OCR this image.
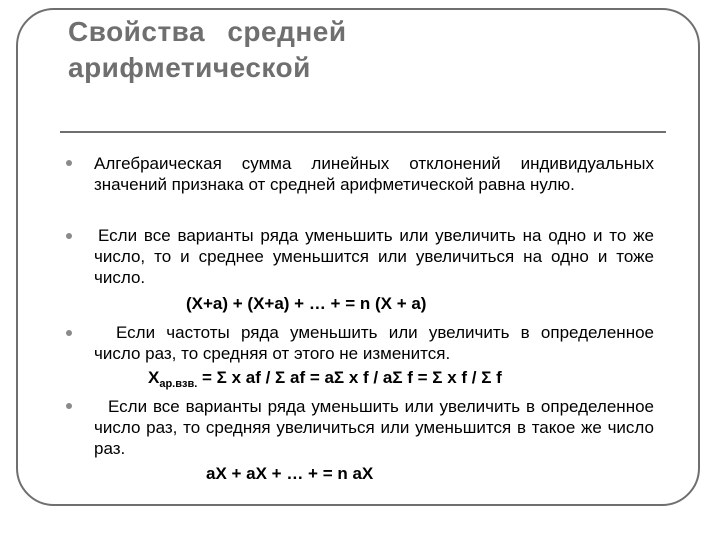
Свойства средней
арифметической
Алгебраическая сумма линейных отклонений индивидуальных значений признака от средней арифметической равна нулю.
Если все варианты ряда уменьшить или увеличить на одно и то же число, то и среднее уменьшится или увеличиться на одно и тоже число.
(X+a) + (X+a) + … + = n (X + a)
Если частоты ряда уменьшить или увеличить в определенное число раз, то средняя от этого не изменится.
$X_{ар.взв.} = \Sigma$ x af / Σ af = aΣ x f / aΣ f = Σ x f / Σ f
Если все варианты ряда уменьшить или увеличить в определенное число раз, то средняя увеличиться или уменьшится в такое же число раз.
aX + aX + … + = n aX
